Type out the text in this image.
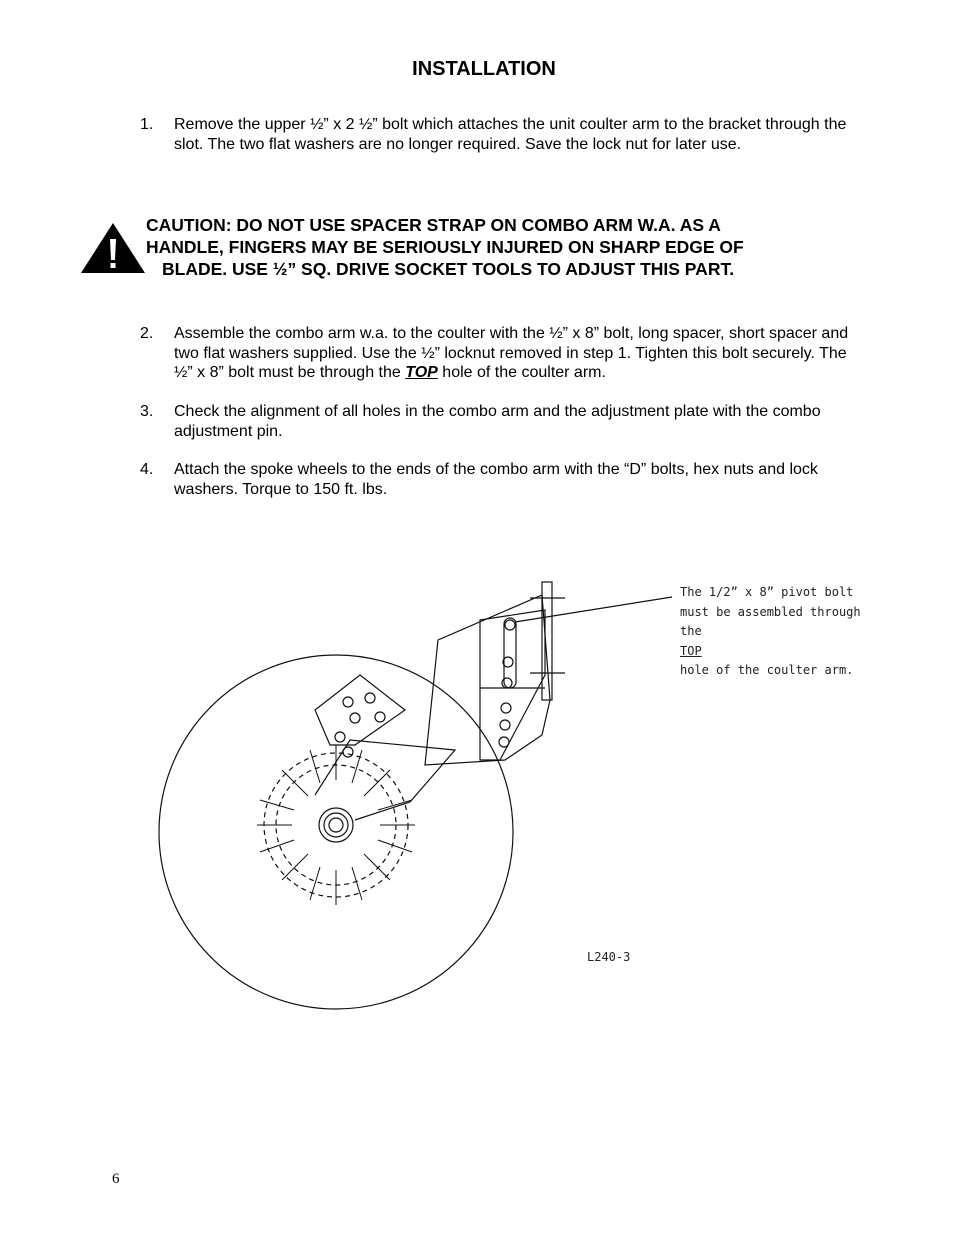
INSTALLATION
1. Remove the upper ½” x 2 ½” bolt which attaches the unit coulter arm to the bracket through the slot. The two flat washers are no longer required. Save the lock nut for later use.
CAUTION: DO NOT USE SPACER STRAP ON COMBO ARM W.A. AS A
HANDLE, FINGERS MAY BE SERIOUSLY INJURED ON SHARP EDGE OF
BLADE. USE ½” SQ. DRIVE SOCKET TOOLS TO ADJUST THIS PART.
2. Assemble the combo arm w.a. to the coulter with the ½” x 8” bolt, long spacer, short spacer and two flat washers supplied. Use the ½” locknut removed in step 1. Tighten this bolt securely. The ½” x 8” bolt must be through the TOP hole of the coulter arm.
3. Check the alignment of all holes in the combo arm and the adjustment plate with the combo adjustment pin.
4. Attach the spoke wheels to the ends of the combo arm with the “D” bolts, hex nuts and lock washers. Torque to 150 ft. lbs.
The 1/2” x 8” pivot bolt
must be assembled through
the
TOP
hole of the coulter arm.
L240-3
6
